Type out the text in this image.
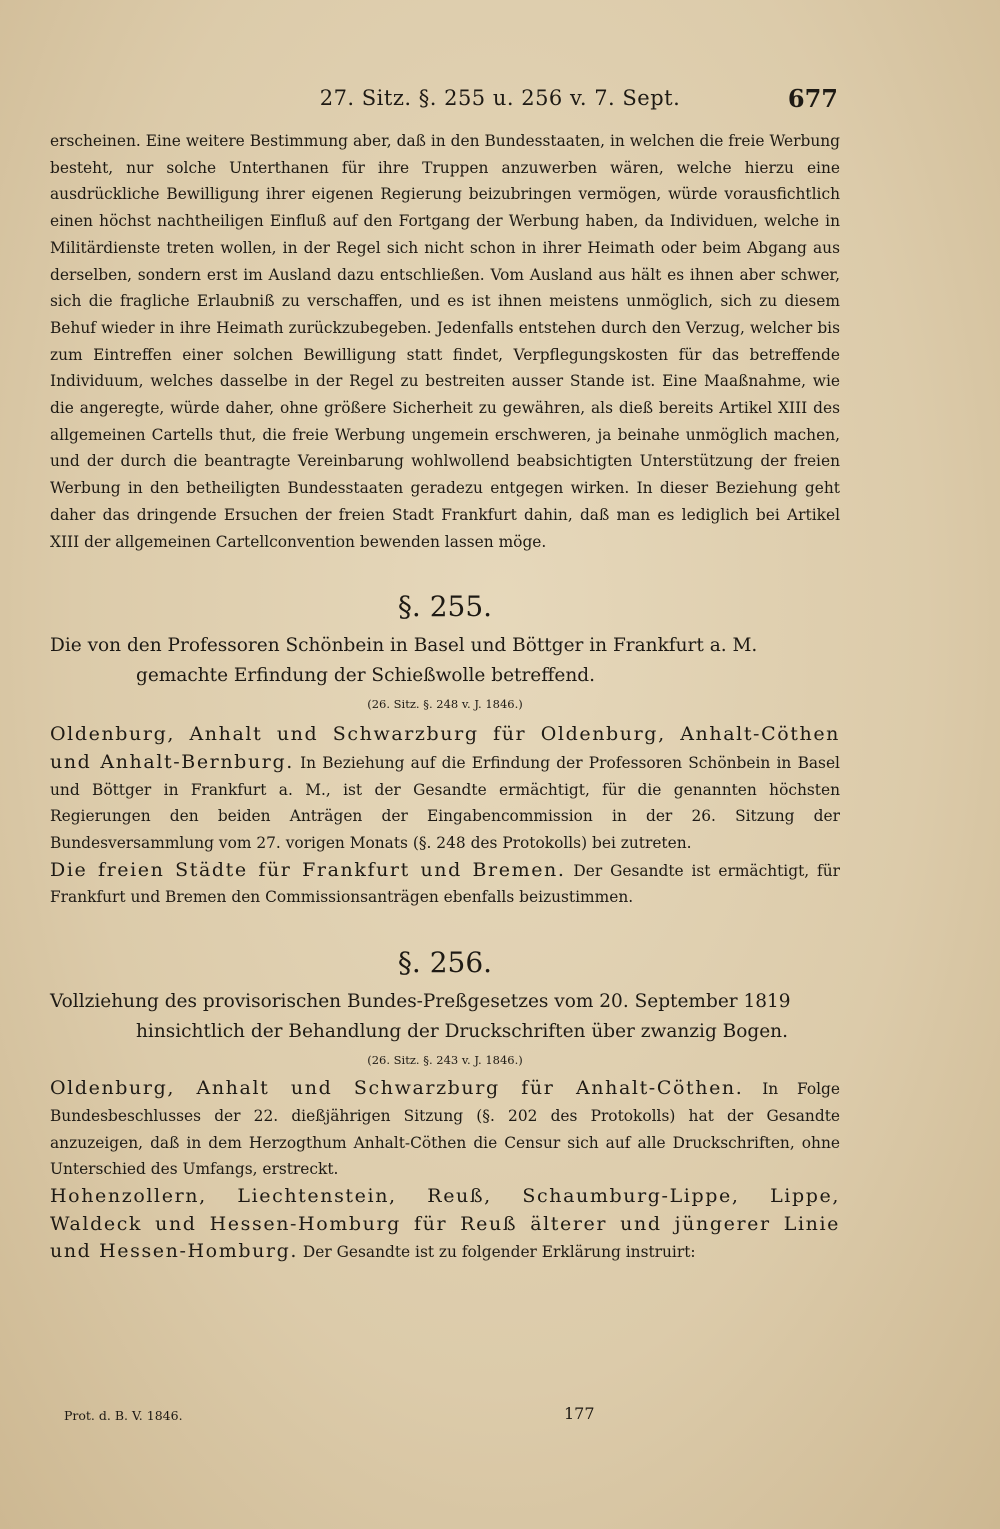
27. Sitz. §. 255 u. 256 v. 7. Sept.	677

erscheinen. Eine weitere Bestimmung aber, daß in den Bundesstaaten, in welchen die freie Werbung besteht, nur solche Unterthanen für ihre Truppen anzuwerben wären, welche hierzu eine ausdrückliche Bewilligung ihrer eigenen Regierung beizubringen vermögen, würde vorausfichtlich einen höchst nachtheiligen Einfluß auf den Fortgang der Werbung haben, da Individuen, welche in Militärdienste treten wollen, in der Regel sich nicht schon in ihrer Heimath oder beim Abgang aus derselben, sondern erst im Ausland dazu entschließen. Vom Ausland aus hält es ihnen aber schwer, sich die fragliche Erlaubniß zu verschaffen, und es ist ihnen meistens unmöglich, sich zu diesem Behuf wieder in ihre Heimath zurückzubegeben. Jedenfalls entstehen durch den Verzug, welcher bis zum Eintreffen einer solchen Bewilligung statt findet, Verpflegungskosten für das betreffende Individuum, welches dasselbe in der Regel zu bestreiten ausser Stande ist. Eine Maaßnahme, wie die angeregte, würde daher, ohne größere Sicherheit zu gewähren, als dieß bereits Artikel XIII des allgemeinen Cartells thut, die freie Werbung ungemein erschweren, ja beinahe unmöglich machen, und der durch die beantragte Vereinbarung wohlwollend beabsichtigten Unterstützung der freien Werbung in den betheiligten Bundesstaaten geradezu entgegen wirken. In dieser Beziehung geht daher das dringende Ersuchen der freien Stadt Frankfurt dahin, daß man es lediglich bei Artikel XIII der allgemeinen Cartellconvention bewenden lassen möge.

§. 255.
Die von den Professoren Schönbein in Basel und Böttger in Frankfurt a. M.
gemachte Erfindung der Schießwolle betreffend.
(26. Sitz. §. 248 v. J. 1846.)

Oldenburg, Anhalt und Schwarzburg für Oldenburg, Anhalt-Cöthen und Anhalt-Bernburg. In Beziehung auf die Erfindung der Professoren Schönbein in Basel und Böttger in Frankfurt a. M., ist der Gesandte ermächtigt, für die genannten höchsten Regierungen den beiden Anträgen der Eingabencommission in der 26. Sitzung der Bundesversammlung vom 27. vorigen Monats (§. 248 des Protokolls) bei zutreten.

Die freien Städte für Frankfurt und Bremen. Der Gesandte ist ermächtigt, für Frankfurt und Bremen den Commissionsanträgen ebenfalls beizustimmen.

§. 256.
Vollziehung des provisorischen Bundes-Preßgesetzes vom 20. September 1819
hinsichtlich der Behandlung der Druckschriften über zwanzig Bogen.
(26. Sitz. §. 243 v. J. 1846.)

Oldenburg, Anhalt und Schwarzburg für Anhalt-Cöthen. In Folge Bundesbeschlusses der 22. dießjährigen Sitzung (§. 202 des Protokolls) hat der Gesandte anzuzeigen, daß in dem Herzogthum Anhalt-Cöthen die Censur sich auf alle Druckschriften, ohne Unterschied des Umfangs, erstreckt.

Hohenzollern, Liechtenstein, Reuß, Schaumburg-Lippe, Lippe, Waldeck und Hessen-Homburg für Reuß älterer und jüngerer Linie und Hessen-Homburg. Der Gesandte ist zu folgender Erklärung instruirt:

Prot. d. B. V. 1846.	177
